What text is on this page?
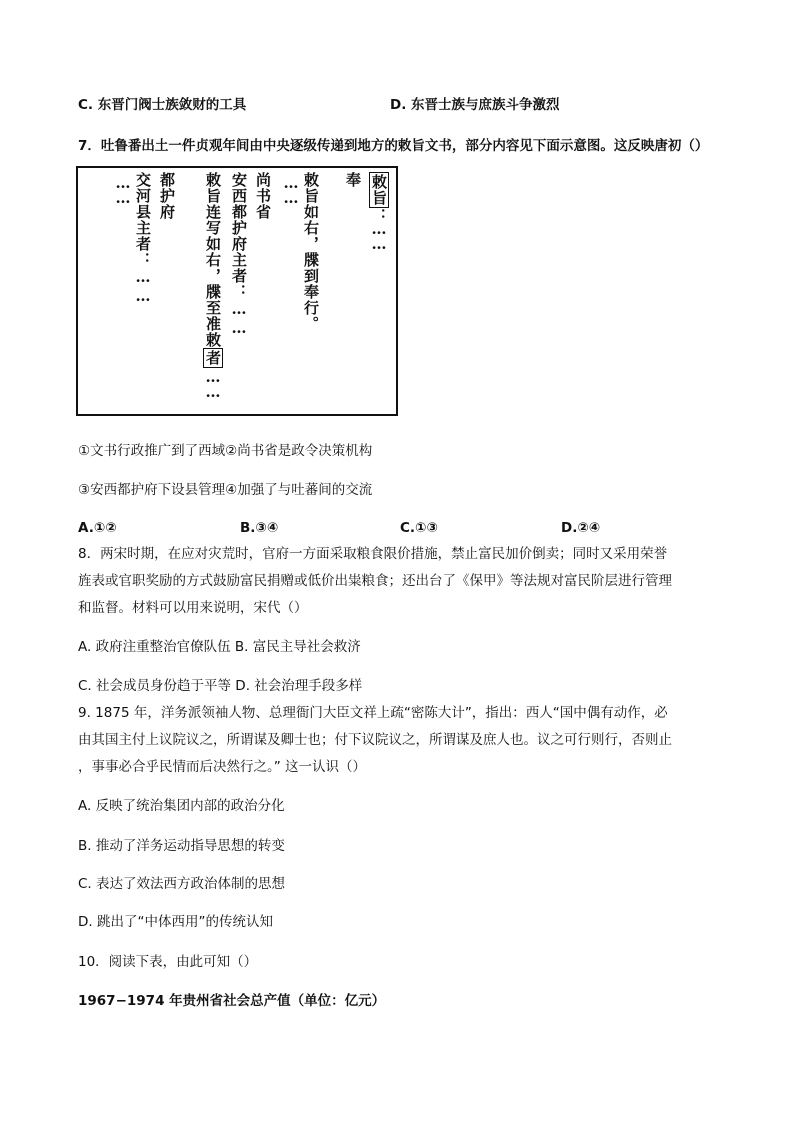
C. 东晋门阀士族敛财的工具	D. 东晋士族与庶族斗争激烈
7．吐鲁番出土一件贞观年间由中央逐级传递到地方的敕旨文书，部分内容见下面示意图。这反映唐初（）
敕旨：……
奉
敕旨如右，牒到奉行。
……
尚书省
安西都护府主者：……
敕旨连写如右，牒至准敕者……
都护府
交河县主者：……
……
①文书行政推广到了西域②尚书省是政令决策机构
③安西都护府下设县管理④加强了与吐蕃间的交流
A.①②	B.③④	C.①③	D.②④
8．两宋时期，在应对灾荒时，官府一方面采取粮食限价措施，禁止富民加价倒卖；同时又采用荣誉
旌表或官职奖励的方式鼓励富民捐赠或低价出粜粮食；还出台了《保甲》等法规对富民阶层进行管理
和监督。材料可以用来说明，宋代（）
A. 政府注重整治官僚队伍 B. 富民主导社会救济
C. 社会成员身份趋于平等 D. 社会治理手段多样
9. 1875 年，洋务派领袖人物、总理衙门大臣文祥上疏“密陈大计”，指出：西人“国中偶有动作，必
由其国主付上议院议之，所谓谋及卿士也；付下议院议之，所谓谋及庶人也。议之可行则行，否则止
，事事必合乎民情而后决然行之。” 这一认识（）
A. 反映了统治集团内部的政治分化
B. 推动了洋务运动指导思想的转变
C. 表达了效法西方政治体制的思想
D. 跳出了“中体西用”的传统认知
10．阅读下表，由此可知（）
1967−1974 年贵州省社会总产值（单位：亿元）
